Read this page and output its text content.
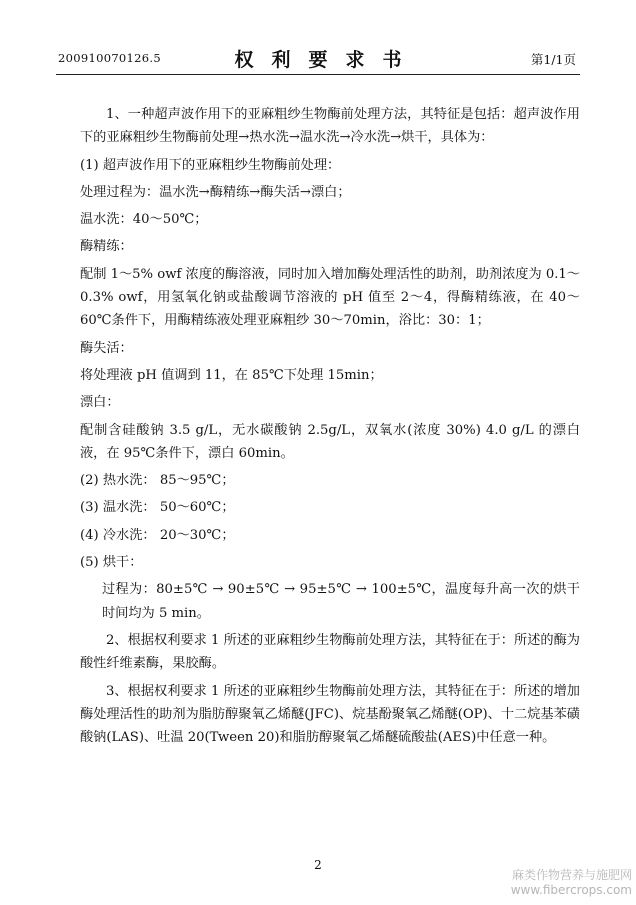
200910070126.5	权利要求书	第1/1页

1、一种超声波作用下的亚麻粗纱生物酶前处理方法，其特征是包括：超声波作用下的亚麻粗纱生物酶前处理→热水洗→温水洗→冷水洗→烘干，具体为：

(1) 超声波作用下的亚麻粗纱生物酶前处理：

处理过程为：温水洗→酶精练→酶失活→漂白；

温水洗：40～50℃；

酶精练：

配制 1～5% owf 浓度的酶溶液，同时加入增加酶处理活性的助剂，助剂浓度为 0.1～0.3% owf，用氢氧化钠或盐酸调节溶液的 pH 值至 2～4，得酶精练液，在 40～60℃条件下，用酶精练液处理亚麻粗纱 30～70min，浴比：30：1；

酶失活：

将处理液 pH 值调到 11，在 85℃下处理 15min；

漂白：

配制含硅酸钠 3.5 g/L，无水碳酸钠 2.5g/L，双氧水(浓度 30%) 4.0 g/L 的漂白液，在 95℃条件下，漂白 60min。

(2) 热水洗： 85～95℃；

(3) 温水洗： 50～60℃；

(4) 冷水洗： 20～30℃；

(5) 烘干：

过程为：80±5℃ → 90±5℃ → 95±5℃ → 100±5℃，温度每升高一次的烘干时间均为 5 min。

2、根据权利要求 1 所述的亚麻粗纱生物酶前处理方法，其特征在于：所述的酶为酸性纤维素酶，果胶酶。

3、根据权利要求 1 所述的亚麻粗纱生物酶前处理方法，其特征在于：所述的增加酶处理活性的助剂为脂肪醇聚氧乙烯醚(JFC)、烷基酚聚氧乙烯醚(OP)、十二烷基苯磺酸钠(LAS)、吐温 20(Tween 20)和脂肪醇聚氧乙烯醚硫酸盐(AES)中任意一种。

2
麻类作物营养与施肥网
www.fibercrops.com
